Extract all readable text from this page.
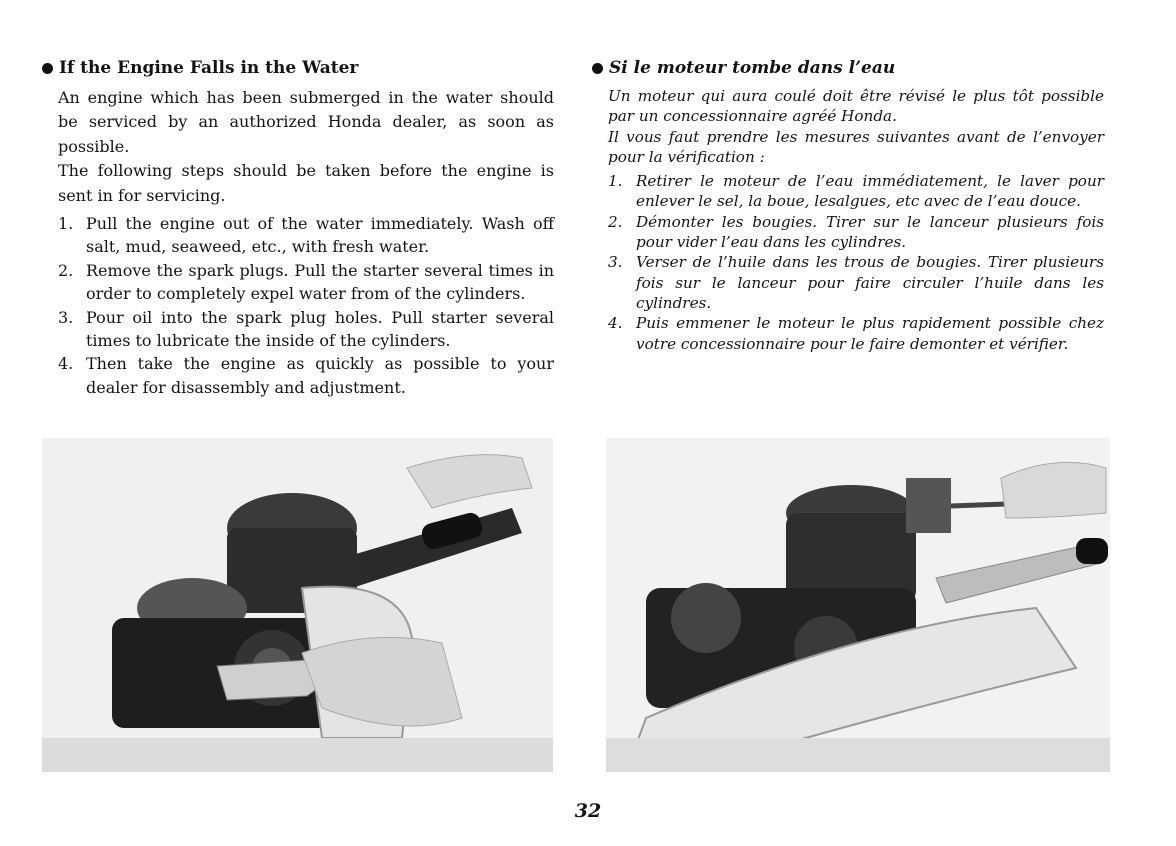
If the Engine Falls in the Water

An engine which has been submerged in the water should be serviced by an authorized Honda dealer, as soon as possible.

The following steps should be taken before the engine is sent in for servicing.

1. Pull the engine out of the water immediately. Wash off salt, mud, seaweed, etc., with fresh water.
2. Remove the spark plugs. Pull the starter several times in order to completely expel water from of the cylinders.
3. Pour oil into the spark plug holes. Pull starter several times to lubricate the inside of the cylinders.
4. Then take the engine as quickly as possible to your dealer for disassembly and adjustment.
Si le moteur tombe dans l’eau

Un moteur qui aura coulé doit être révisé le plus tôt possible par un concessionnaire agréé Honda.

Il vous faut prendre les mesures suivantes avant de l’envoyer pour la vérification :

1. Retirer le moteur de l’eau immédiatement, le laver pour enlever le sel, la boue, lesalgues, etc avec de l’eau douce.
2. Démonter les bougies. Tirer sur le lanceur plusieurs fois pour vider l’eau dans les cylindres.
3. Verser de l’huile dans les trous de bougies. Tirer plusieurs fois sur le lanceur pour faire circuler l’huile dans les cylindres.
4. Puis emmener le moteur le plus rapidement possible chez votre concessionnaire pour le faire demonter et vérifier.
32
